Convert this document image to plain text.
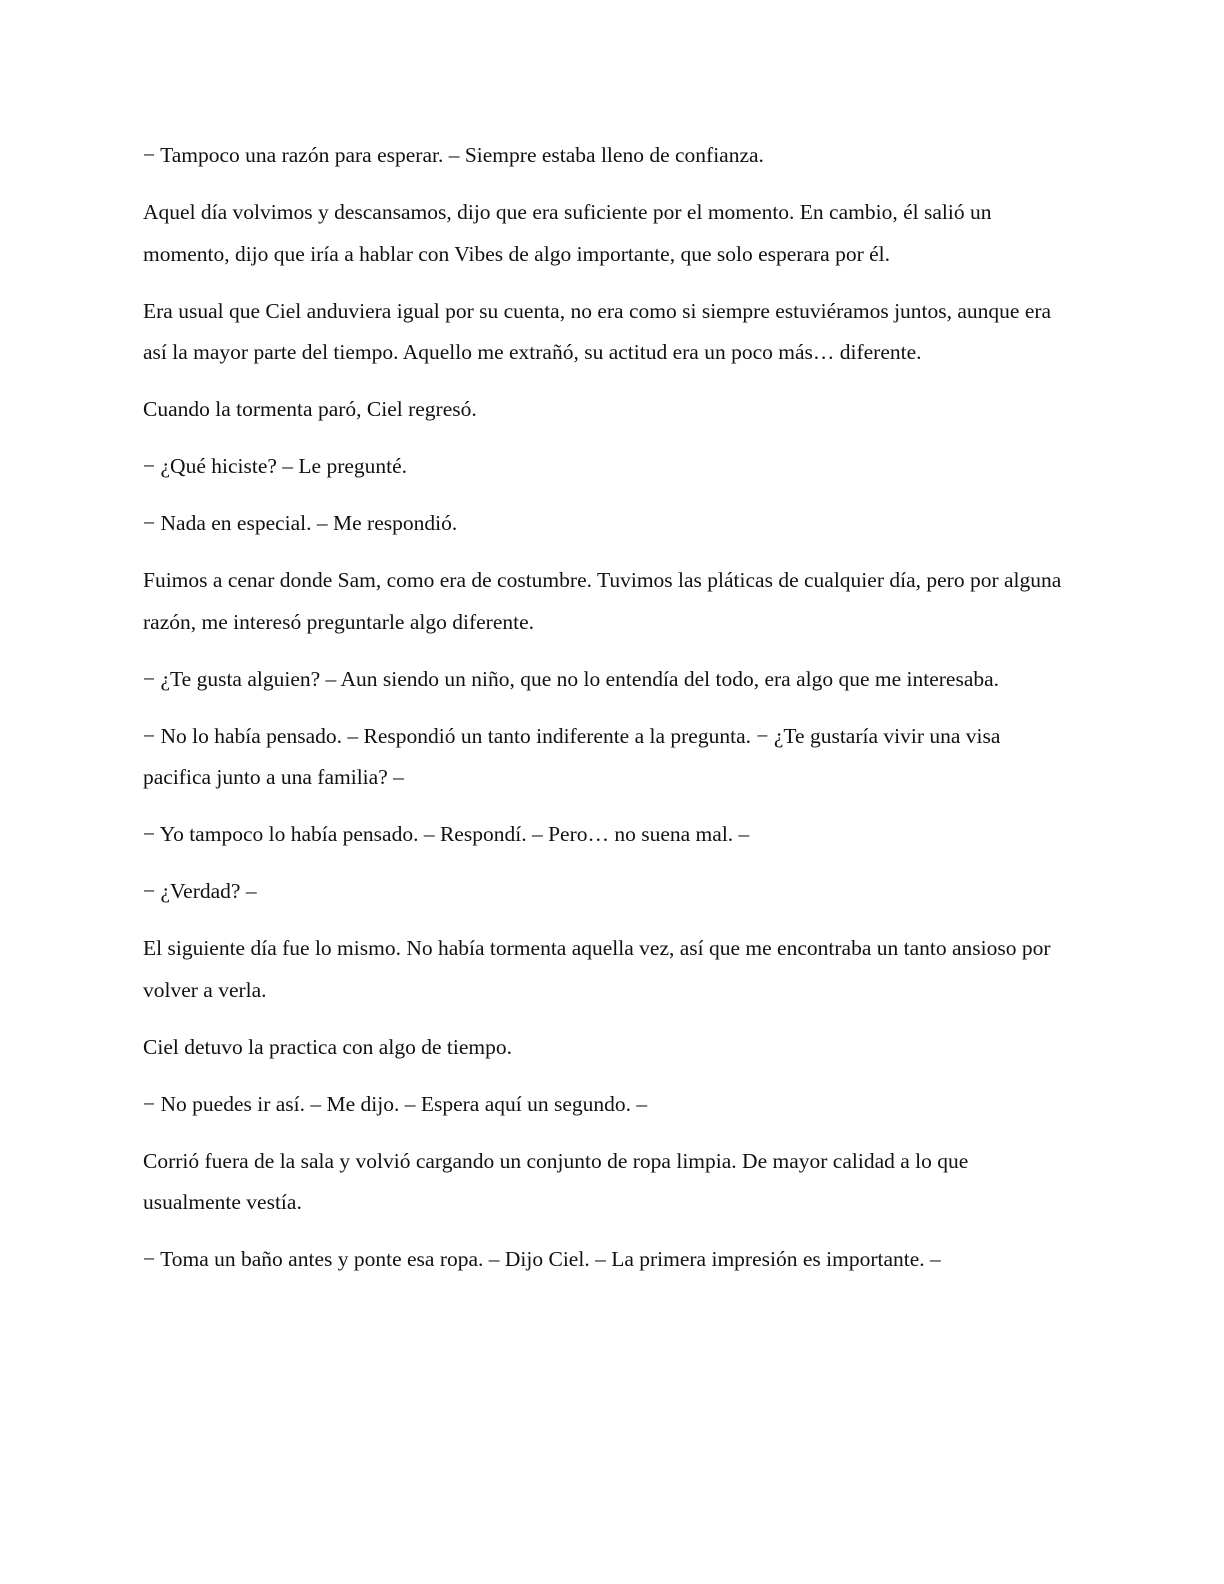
− Tampoco una razón para esperar. – Siempre estaba lleno de confianza.

Aquel día volvimos y descansamos, dijo que era suficiente por el momento. En cambio, él salió un momento, dijo que iría a hablar con Vibes de algo importante, que solo esperara por él.

Era usual que Ciel anduviera igual por su cuenta, no era como si siempre estuviéramos juntos, aunque era así la mayor parte del tiempo. Aquello me extrañó, su actitud era un poco más… diferente.

Cuando la tormenta paró, Ciel regresó.

− ¿Qué hiciste? – Le pregunté.

− Nada en especial. – Me respondió.

Fuimos a cenar donde Sam, como era de costumbre. Tuvimos las pláticas de cualquier día, pero por alguna razón, me interesó preguntarle algo diferente.

− ¿Te gusta alguien? – Aun siendo un niño, que no lo entendía del todo, era algo que me interesaba.

− No lo había pensado. – Respondió un tanto indiferente a la pregunta. − ¿Te gustaría vivir una visa pacifica junto a una familia? –

− Yo tampoco lo había pensado. – Respondí. – Pero… no suena mal. –

− ¿Verdad? –

El siguiente día fue lo mismo. No había tormenta aquella vez, así que me encontraba un tanto ansioso por volver a verla.

Ciel detuvo la practica con algo de tiempo.

− No puedes ir así. – Me dijo. – Espera aquí un segundo. –

Corrió fuera de la sala y volvió cargando un conjunto de ropa limpia. De mayor calidad a lo que usualmente vestía.

− Toma un baño antes y ponte esa ropa. – Dijo Ciel. – La primera impresión es importante. –
